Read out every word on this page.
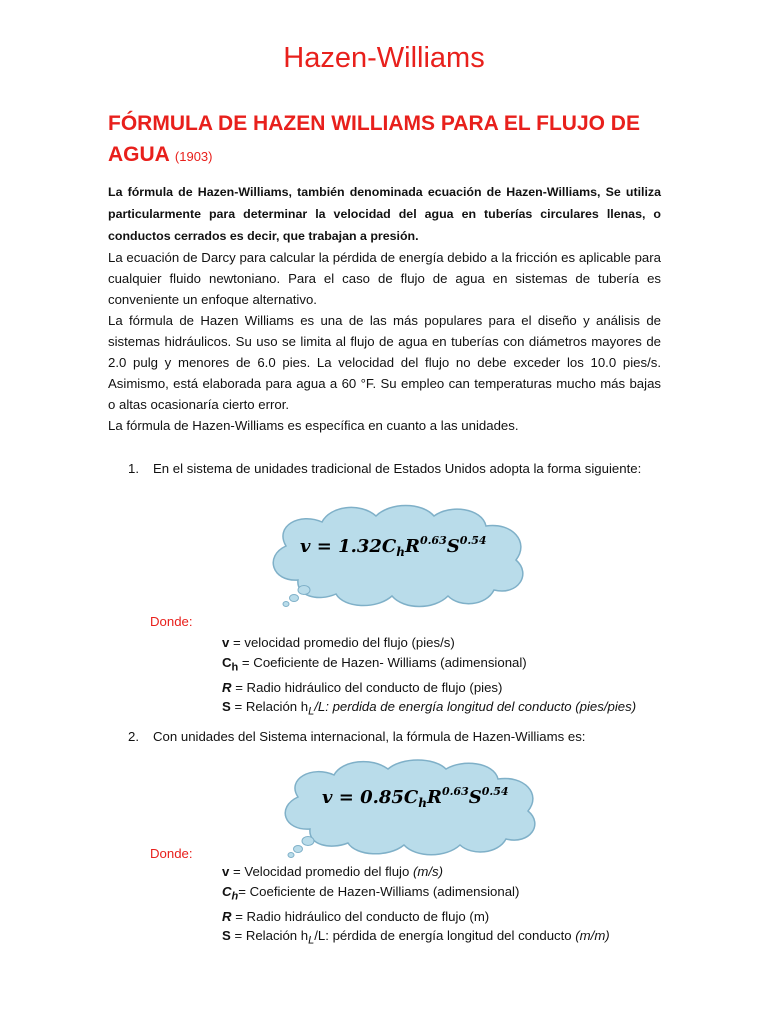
Hazen-Williams
FÓRMULA DE HAZEN WILLIAMS PARA EL FLUJO DE
AGUA (1903)

La fórmula de Hazen-Williams, también denominada ecuación de Hazen-Williams, Se utiliza particularmente para determinar la velocidad del agua en tuberías circulares llenas, o conductos cerrados es decir, que trabajan a presión.

La ecuación de Darcy para calcular la pérdida de energía debido a la fricción es aplicable para cualquier fluido newtoniano. Para el caso de flujo de agua en sistemas de tubería es conveniente un enfoque alternativo.

La fórmula de Hazen Williams es una de las más populares para el diseño y análisis de sistemas hidráulicos. Su uso se limita al flujo de agua en tuberías con diámetros mayores de 2.0 pulg y menores de 6.0 pies. La velocidad del flujo no debe exceder los 10.0 pies/s. Asimismo, está elaborada para agua a 60 °F. Su empleo can temperaturas mucho más bajas o altas ocasionaría cierto error.

La fórmula de Hazen-Williams es específica en cuanto a las unidades.

1. En el sistema de unidades tradicional de Estados Unidos adopta la forma siguiente:
$v = 1.32C_hR^{0.63}S^{0.54}$
Donde:
v = velocidad promedio del flujo (pies/s)
$C_h$ = Coeficiente de Hazen- Williams (adimensional)
R = Radio hidráulico del conducto de flujo (pies)
S = Relación $h_L/L$: perdida de energía longitud del conducto (pies/pies)
2. Con unidades del Sistema internacional, la fórmula de Hazen-Williams es:
$v = 0.85C_hR^{0.63}S^{0.54}$
Donde:
v = Velocidad promedio del flujo (m/s)
$C_h=$ Coeficiente de Hazen-Williams (adimensional)
R = Radio hidráulico del conducto de flujo (m)
S = Relación $h_L/L$: pérdida de energía longitud del conducto (m/m)
